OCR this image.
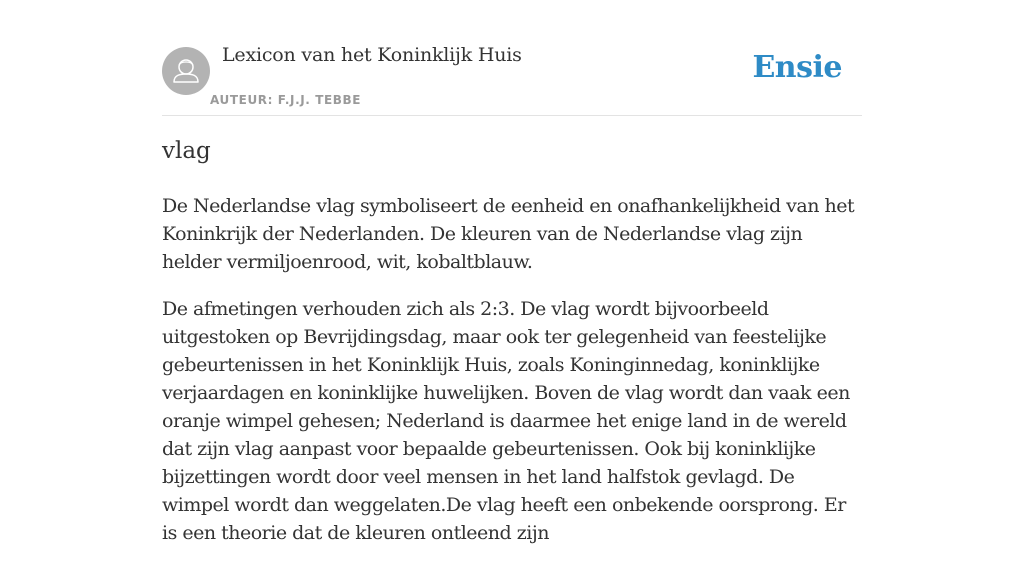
Lexicon van het Koninklijk Huis
AUTEUR: F.J.J. TEBBE
Ensie
vlag

De Nederlandse vlag symboliseert de eenheid en onafhankelijkheid van het Koninkrijk der Nederlanden. De kleuren van de Nederlandse vlag zijn helder vermiljoenrood, wit, kobaltblauw.

De afmetingen verhouden zich als 2:3. De vlag wordt bijvoorbeeld uitgestoken op Bevrijdingsdag, maar ook ter gelegenheid van feestelijke gebeurtenissen in het Koninklijk Huis, zoals Koninginnedag, koninklijke verjaardagen en koninklijke huwelijken. Boven de vlag wordt dan vaak een oranje wimpel gehesen; Nederland is daarmee het enige land in de wereld dat zijn vlag aanpast voor bepaalde gebeurtenissen. Ook bij koninklijke bijzettingen wordt door veel mensen in het land halfstok gevlagd. De wimpel wordt dan weggelaten.De vlag heeft een onbekende oorsprong. Er is een theorie dat de kleuren ontleend zijn
